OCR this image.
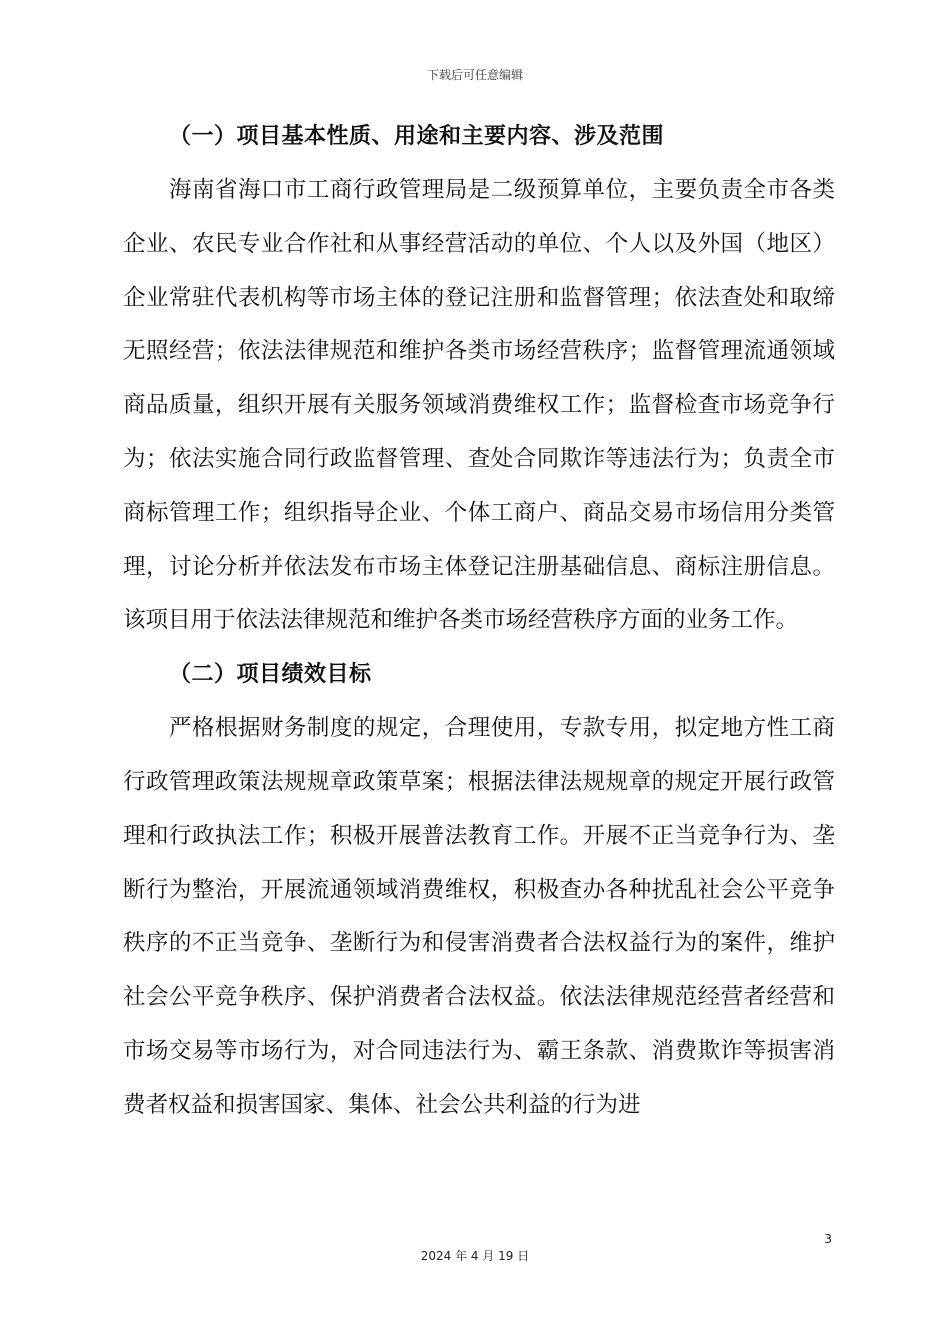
下载后可任意编辑
（一）项目基本性质、用途和主要内容、涉及范围

海南省海口市工商行政管理局是二级预算单位，主要负责全市各类企业、农民专业合作社和从事经营活动的单位、个人以及外国（地区）企业常驻代表机构等市场主体的登记注册和监督管理；依法查处和取缔无照经营；依法法律规范和维护各类市场经营秩序；监督管理流通领域商品质量，组织开展有关服务领域消费维权工作；监督检查市场竞争行为；依法实施合同行政监督管理、查处合同欺诈等违法行为；负责全市商标管理工作；组织指导企业、个体工商户、商品交易市场信用分类管理，讨论分析并依法发布市场主体登记注册基础信息、商标注册信息。该项目用于依法法律规范和维护各类市场经营秩序方面的业务工作。

（二）项目绩效目标

严格根据财务制度的规定，合理使用，专款专用，拟定地方性工商行政管理政策法规规章政策草案；根据法律法规规章的规定开展行政管理和行政执法工作；积极开展普法教育工作。开展不正当竞争行为、垄断行为整治，开展流通领域消费维权，积极查办各种扰乱社会公平竞争秩序的不正当竞争、垄断行为和侵害消费者合法权益行为的案件，维护社会公平竞争秩序、保护消费者合法权益。依法法律规范经营者经营和市场交易等市场行为，对合同违法行为、霸王条款、消费欺诈等损害消费者权益和损害国家、集体、社会公共利益的行为进

3
2024 年 4 月 19 日
